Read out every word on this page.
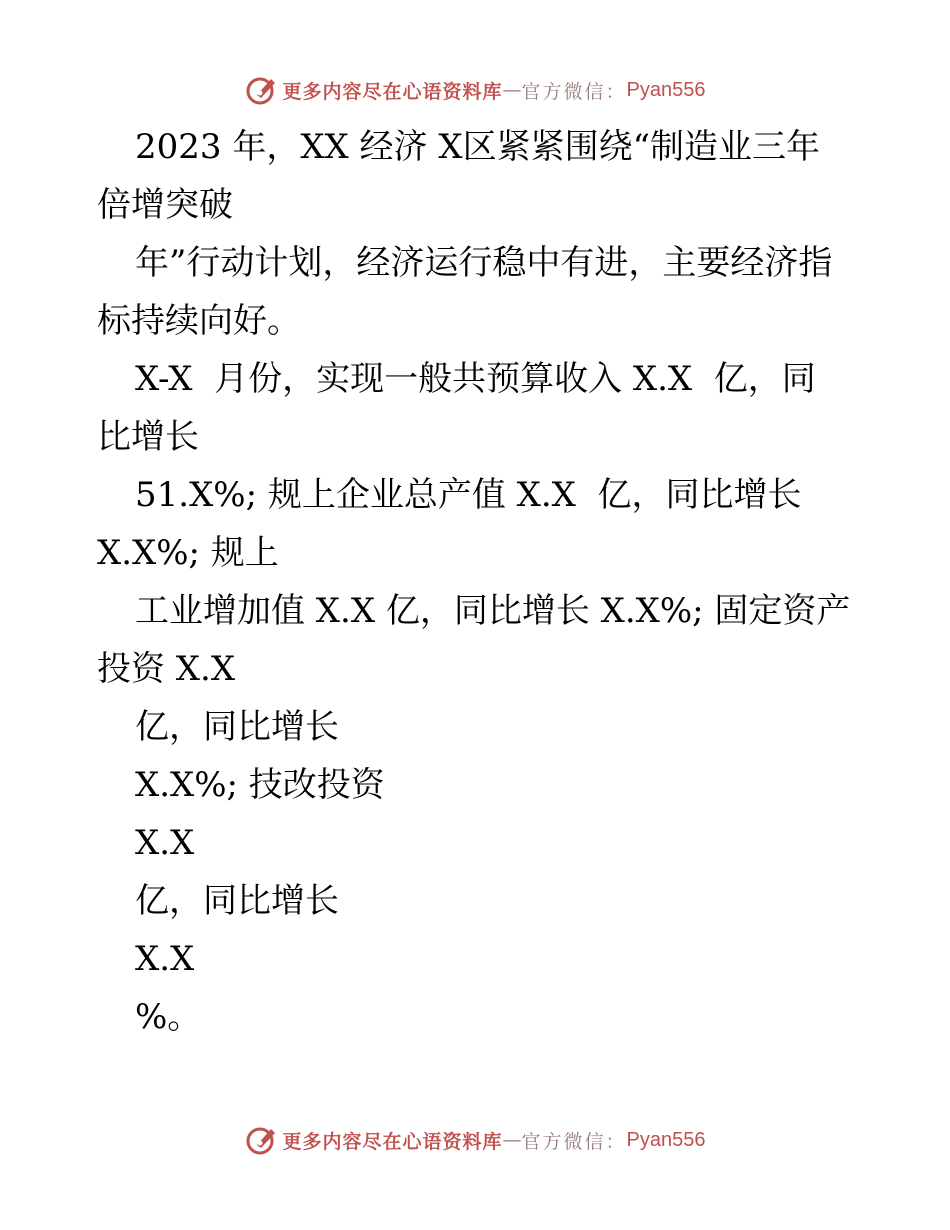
更多内容尽在心语资料库 — 官方微信： Pyan556
2023 年，XX 经济 X区紧紧围绕“制造业三年
倍增突破
年”行动计划，经济运行稳中有进，主要经济指
标持续向好。
X-X  月份，实现一般共预算收入 X.X  亿，同
比增长
51.X%; 规上企业总产值 X.X  亿，同比增长
X.X%; 规上
工业增加值 X.X 亿，同比增长 X.X%; 固定资产
投资 X.X
亿，同比增长
X.X%; 技改投资
X.X
亿，同比增长
X.X
%。
更多内容尽在心语资料库 — 官方微信： Pyan556
